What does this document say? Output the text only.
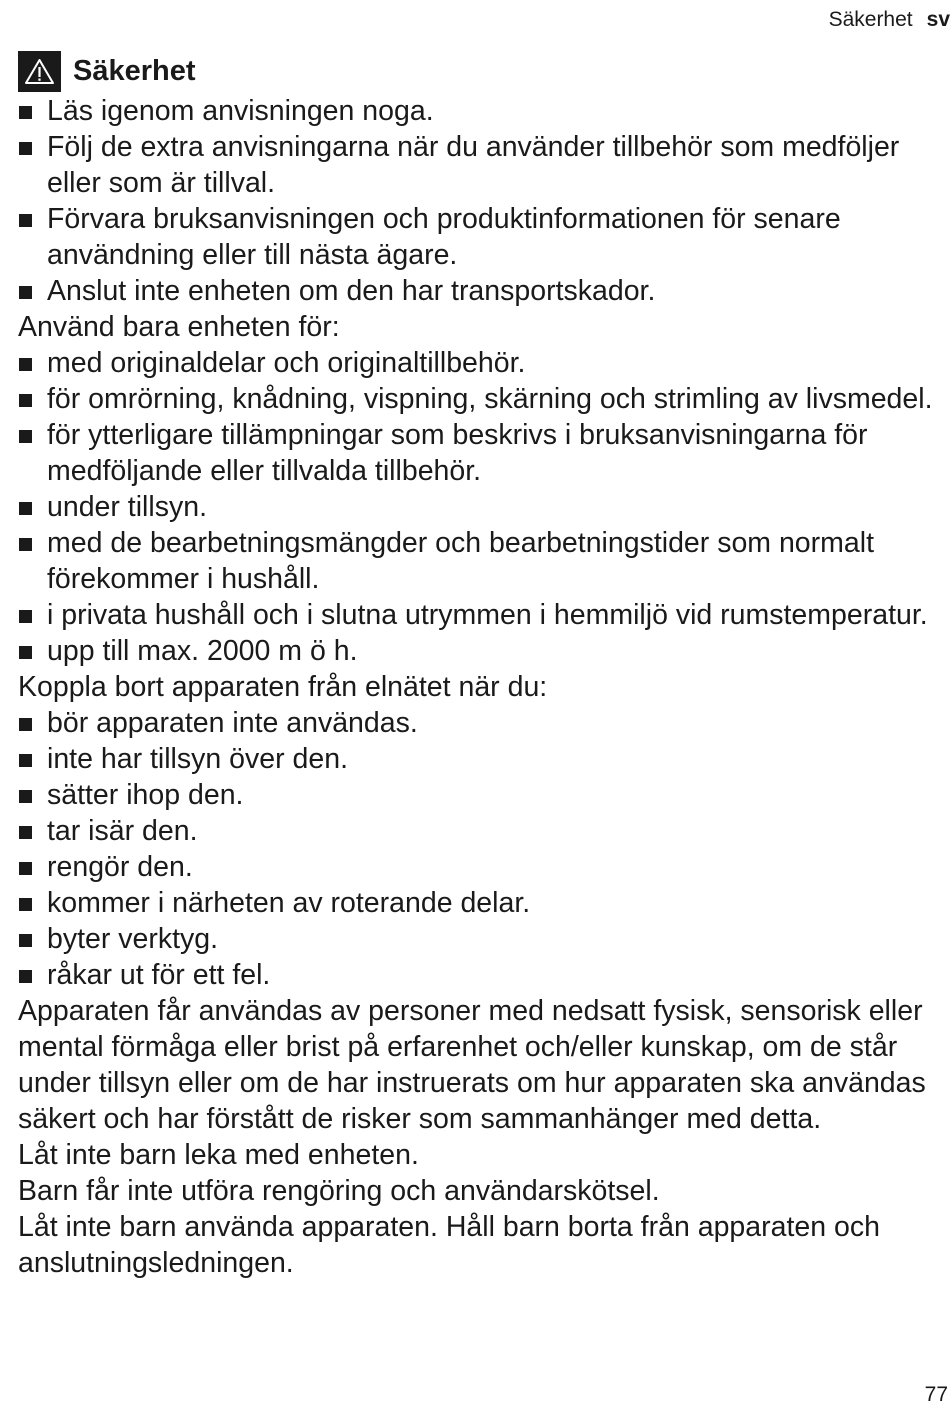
Säkerhet sv
Säkerhet
Läs igenom anvisningen noga.
Följ de extra anvisningarna när du använder tillbehör som medföljer eller som är tillval.
Förvara bruksanvisningen och produktinformationen för senare användning eller till nästa ägare.
Anslut inte enheten om den har transportskador.

Använd bara enheten för:

med originaldelar och originaltillbehör.
för omrörning, knådning, vispning, skärning och strimling av livsmedel.
för ytterligare tillämpningar som beskrivs i bruksanvisningarna för medföljande eller tillvalda tillbehör.
under tillsyn.
med de bearbetningsmängder och bearbetningstider som normalt förekommer i hushåll.
i privata hushåll och i slutna utrymmen i hemmiljö vid rumstemperatur.
upp till max. 2000 m ö h.

Koppla bort apparaten från elnätet när du:

bör apparaten inte användas.
inte har tillsyn över den.
sätter ihop den.
tar isär den.
rengör den.
kommer i närheten av roterande delar.
byter verktyg.
råkar ut för ett fel.

Apparaten får användas av personer med nedsatt fysisk, sensorisk eller mental förmåga eller brist på erfarenhet och/eller kunskap, om de står under tillsyn eller om de har instruerats om hur apparaten ska användas säkert och har förstått de risker som sammanhänger med detta.

Låt inte barn leka med enheten.

Barn får inte utföra rengöring och användarskötsel.

Låt inte barn använda apparaten. Håll barn borta från apparaten och anslutningsledningen.

77
